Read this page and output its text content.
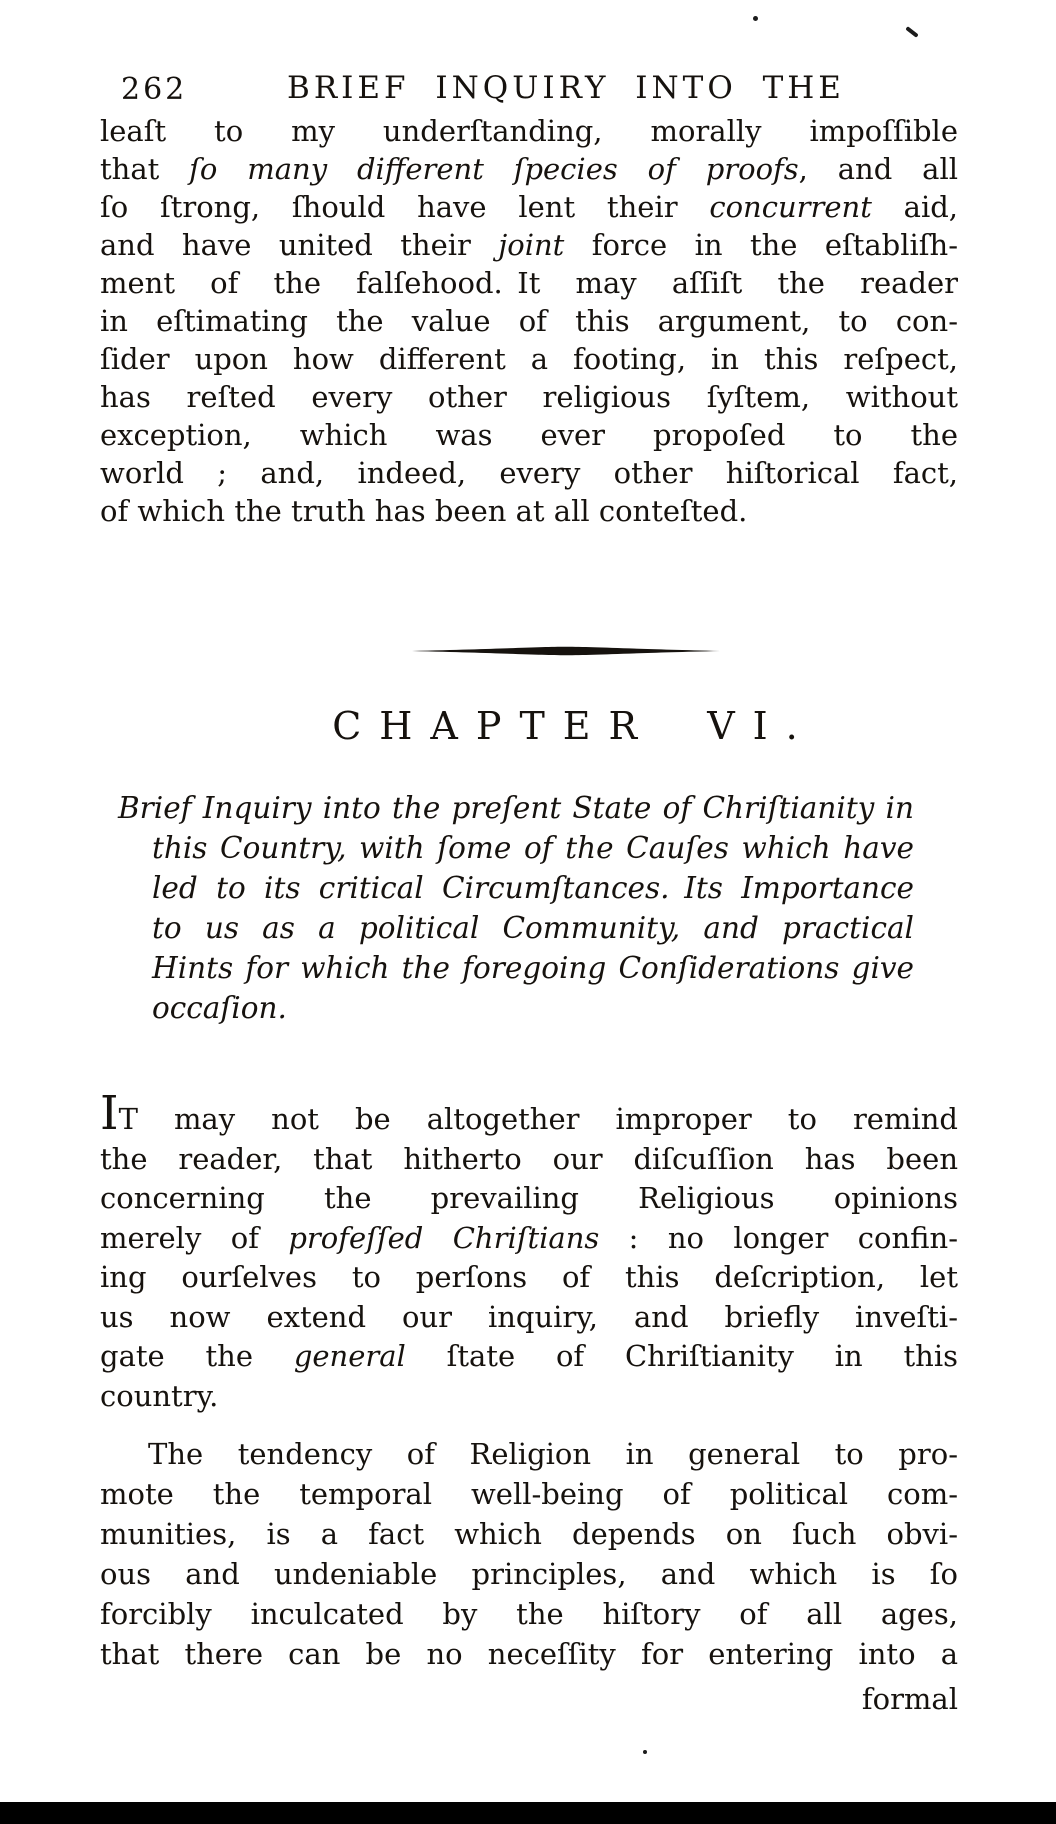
262	BRIEF INQUIRY INTO THE
leaſt to my underſtanding, morally impoſſible
that ſo many different ſpecies of proofs, and all
ſo ſtrong, ſhould have lent their concurrent aid,
and have united their joint force in the eſtabliſh-
ment of the falſehood. It may aſſiſt the reader
in eſtimating the value of this argument, to con-
ſider upon how different a footing, in this reſpect,
has reſted every other religious ſyſtem, without
exception, which was ever propoſed to the
world ; and, indeed, every other hiſtorical fact,
of which the truth has been at all conteſted.
CHAPTER VI.
Brief Inquiry into the preſent State of Chriſtianity in
this Country, with ſome of the Cauſes which have
led to its critical Circumſtances. Its Importance
to us as a political Community, and practical
Hints for which the foregoing Conſiderations give
occaſion.
IT may not be altogether improper to remind
the reader, that hitherto our diſcuſſion has been
concerning the prevailing Religious opinions
merely of profeſſed Chriſtians : no longer confin-
ing ourſelves to perſons of this deſcription, let
us now extend our inquiry, and briefly inveſti-
gate the general ſtate of Chriſtianity in this
country.
The tendency of Religion in general to pro-
mote the temporal well-being of political com-
munities, is a fact which depends on ſuch obvi-
ous and undeniable principles, and which is ſo
forcibly inculcated by the hiſtory of all ages,
that there can be no neceſſity for entering into a
formal
